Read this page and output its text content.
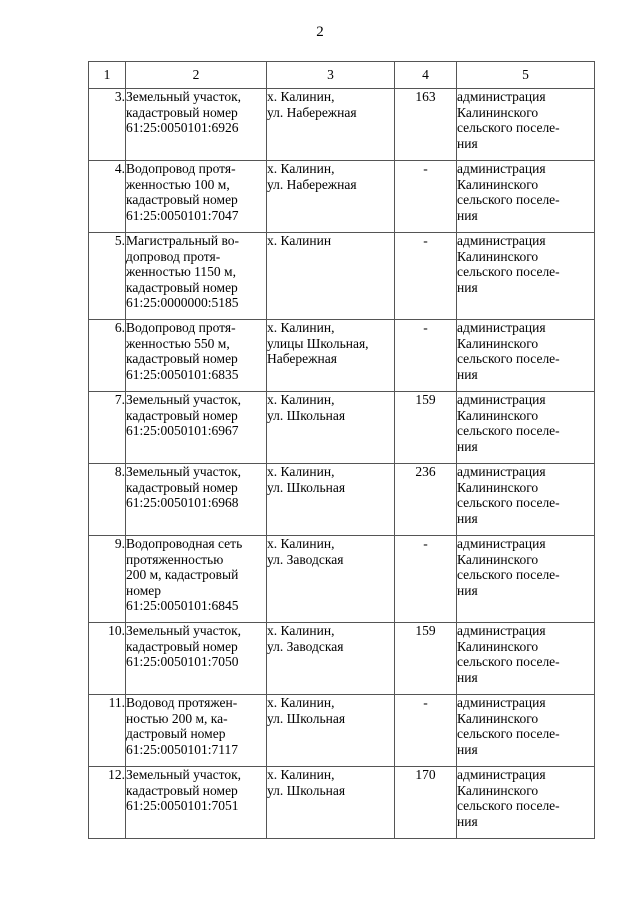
2
1	2	3	4	5
3.	Земельный участок,
кадастровый номер
61:25:0050101:6926	х. Калинин,
ул. Набережная	163	администрация
Калининского
сельского поселе-
ния

4.	Водопровод протя-
женностью 100 м,
кадастровый номер
61:25:0050101:7047	х. Калинин,
ул. Набережная	-	администрация
Калининского
сельского поселе-
ния

5.	Магистральный во-
допровод протя-
женностью 1150 м,
кадастровый номер
61:25:0000000:5185	х. Калинин	-	администрация
Калининского
сельского поселе-
ния

6.	Водопровод протя-
женностью 550 м,
кадастровый номер
61:25:0050101:6835	х. Калинин,
улицы Школьная,
Набережная	-	администрация
Калининского
сельского поселе-
ния

7.	Земельный участок,
кадастровый номер
61:25:0050101:6967	х. Калинин,
ул. Школьная	159	администрация
Калининского
сельского поселе-
ния

8.	Земельный участок,
кадастровый номер
61:25:0050101:6968	х. Калинин,
ул. Школьная	236	администрация
Калининского
сельского поселе-
ния

9.	Водопроводная сеть
протяженностью
200 м, кадастровый
номер
61:25:0050101:6845	х. Калинин,
ул. Заводская	-	администрация
Калининского
сельского поселе-
ния

10.	Земельный участок,
кадастровый номер
61:25:0050101:7050	х. Калинин,
ул. Заводская	159	администрация
Калининского
сельского поселе-
ния

11.	Водовод протяжен-
ностью 200 м, ка-
дастровый номер
61:25:0050101:7117	х. Калинин,
ул. Школьная	-	администрация
Калининского
сельского поселе-
ния

12.	Земельный участок,
кадастровый номер
61:25:0050101:7051	х. Калинин,
ул. Школьная	170	администрация
Калининского
сельского поселе-
ния
